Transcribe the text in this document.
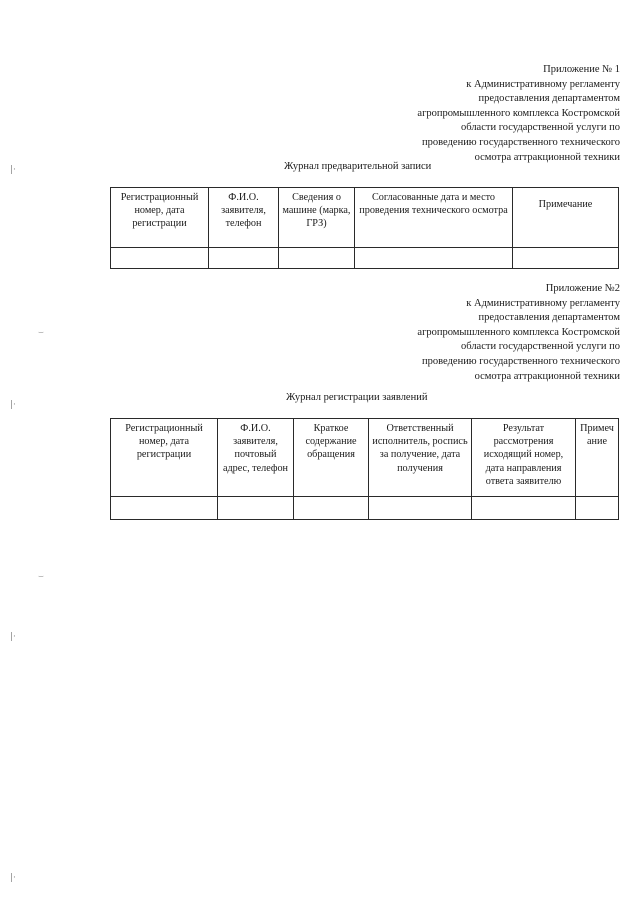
Приложение № 1
к Административному регламенту
предоставления департаментом
агропромышленного комплекса Костромской
области государственной услуги по
проведению государственного технического
осмотра аттракционной техники
Журнал предварительной записи
Регистрационный номер, дата регистрации	Ф.И.О. заявителя, телефон	Сведения о машине (марка, ГРЗ)	Согласованные дата и место проведения технического осмотра	Примечание

Приложение №2
к Административному регламенту
предоставления департаментом
агропромышленного комплекса Костромской
области государственной услуги по
проведению государственного технического
осмотра аттракционной техники
Журнал регистрации заявлений
Регистрационный номер, дата регистрации	Ф.И.О. заявителя, почтовый адрес, телефон	Краткое содержание обращения	Ответственный исполнитель, роспись за получение, дата получения	Результат рассмотрения исходящий номер, дата направления ответа заявителю	Примечание

|·
⌣
|·
⌣
|·
|·
